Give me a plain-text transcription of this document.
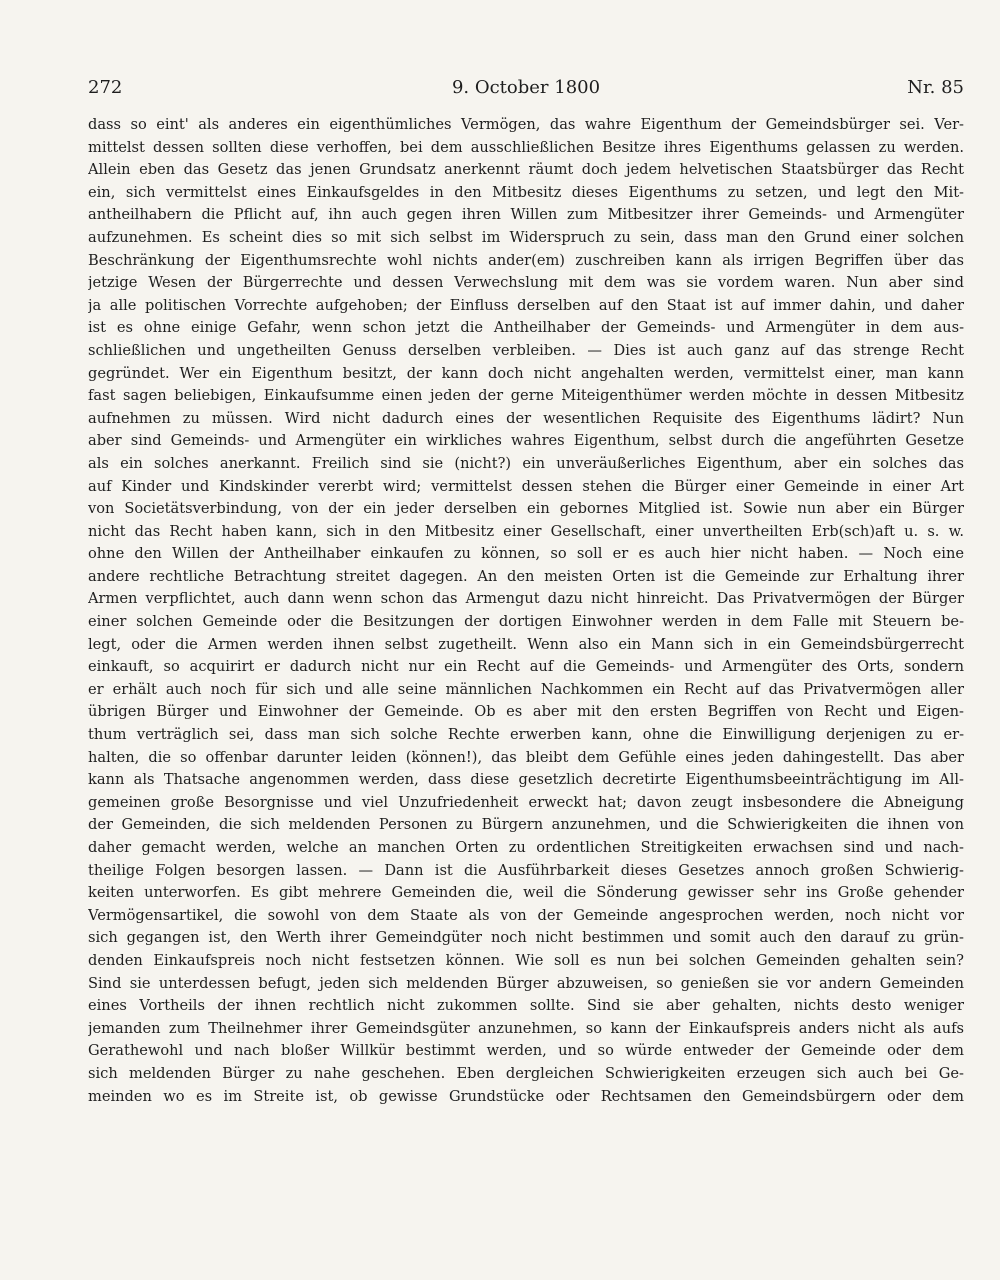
272	9. October 1800	Nr. 85
dass so eint' als anderes ein eigenthümliches Vermögen, das wahre Eigenthum der Gemeindsbürger sei. Ver-
mittelst dessen sollten diese verhoffen, bei dem ausschließlichen Besitze ihres Eigenthums gelassen zu werden.
Allein eben das Gesetz das jenen Grundsatz anerkennt räumt doch jedem helvetischen Staatsbürger das Recht
ein, sich vermittelst eines Einkaufsgeldes in den Mitbesitz dieses Eigenthums zu setzen, und legt den Mit-
antheilhabern die Pflicht auf, ihn auch gegen ihren Willen zum Mitbesitzer ihrer Gemeinds- und Armengüter
aufzunehmen. Es scheint dies so mit sich selbst im Widerspruch zu sein, dass man den Grund einer solchen
Beschränkung der Eigenthumsrechte wohl nichts ander(em) zuschreiben kann als irrigen Begriffen über das
jetzige Wesen der Bürgerrechte und dessen Verwechslung mit dem was sie vordem waren. Nun aber sind
ja alle politischen Vorrechte aufgehoben; der Einfluss derselben auf den Staat ist auf immer dahin, und daher
ist es ohne einige Gefahr, wenn schon jetzt die Antheilhaber der Gemeinds- und Armengüter in dem aus-
schließlichen und ungetheilten Genuss derselben verbleiben. — Dies ist auch ganz auf das strenge Recht
gegründet. Wer ein Eigenthum besitzt, der kann doch nicht angehalten werden, vermittelst einer, man kann
fast sagen beliebigen, Einkaufsumme einen jeden der gerne Miteigenthümer werden möchte in dessen Mitbesitz
aufnehmen zu müssen. Wird nicht dadurch eines der wesentlichen Requisite des Eigenthums lädirt? Nun
aber sind Gemeinds- und Armengüter ein wirkliches wahres Eigenthum, selbst durch die angeführten Gesetze
als ein solches anerkannt. Freilich sind sie (nicht?) ein unveräußerliches Eigenthum, aber ein solches das
auf Kinder und Kindskinder vererbt wird; vermittelst dessen stehen die Bürger einer Gemeinde in einer Art
von Societätsverbindung, von der ein jeder derselben ein gebornes Mitglied ist. Sowie nun aber ein Bürger
nicht das Recht haben kann, sich in den Mitbesitz einer Gesellschaft, einer unvertheilten Erb(sch)aft u. s. w.
ohne den Willen der Antheilhaber einkaufen zu können, so soll er es auch hier nicht haben. — Noch eine
andere rechtliche Betrachtung streitet dagegen. An den meisten Orten ist die Gemeinde zur Erhaltung ihrer
Armen verpflichtet, auch dann wenn schon das Armengut dazu nicht hinreicht. Das Privatvermögen der Bürger
einer solchen Gemeinde oder die Besitzungen der dortigen Einwohner werden in dem Falle mit Steuern be-
legt, oder die Armen werden ihnen selbst zugetheilt. Wenn also ein Mann sich in ein Gemeindsbürgerrecht
einkauft, so acquirirt er dadurch nicht nur ein Recht auf die Gemeinds- und Armengüter des Orts, sondern
er erhält auch noch für sich und alle seine männlichen Nachkommen ein Recht auf das Privatvermögen aller
übrigen Bürger und Einwohner der Gemeinde. Ob es aber mit den ersten Begriffen von Recht und Eigen-
thum verträglich sei, dass man sich solche Rechte erwerben kann, ohne die Einwilligung derjenigen zu er-
halten, die so offenbar darunter leiden (können!), das bleibt dem Gefühle eines jeden dahingestellt. Das aber
kann als Thatsache angenommen werden, dass diese gesetzlich decretirte Eigenthumsbeeinträchtigung im All-
gemeinen große Besorgnisse und viel Unzufriedenheit erweckt hat; davon zeugt insbesondere die Abneigung
der Gemeinden, die sich meldenden Personen zu Bürgern anzunehmen, und die Schwierigkeiten die ihnen von
daher gemacht werden, welche an manchen Orten zu ordentlichen Streitigkeiten erwachsen sind und nach-
theilige Folgen besorgen lassen. — Dann ist die Ausführbarkeit dieses Gesetzes annoch großen Schwierig-
keiten unterworfen. Es gibt mehrere Gemeinden die, weil die Sönderung gewisser sehr ins Große gehender
Vermögensartikel, die sowohl von dem Staate als von der Gemeinde angesprochen werden, noch nicht vor
sich gegangen ist, den Werth ihrer Gemeindgüter noch nicht bestimmen und somit auch den darauf zu grün-
denden Einkaufspreis noch nicht festsetzen können. Wie soll es nun bei solchen Gemeinden gehalten sein?
Sind sie unterdessen befugt, jeden sich meldenden Bürger abzuweisen, so genießen sie vor andern Gemeinden
eines Vortheils der ihnen rechtlich nicht zukommen sollte. Sind sie aber gehalten, nichts desto weniger
jemanden zum Theilnehmer ihrer Gemeindsgüter anzunehmen, so kann der Einkaufspreis anders nicht als aufs
Gerathewohl und nach bloßer Willkür bestimmt werden, und so würde entweder der Gemeinde oder dem
sich meldenden Bürger zu nahe geschehen. Eben dergleichen Schwierigkeiten erzeugen sich auch bei Ge-
meinden wo es im Streite ist, ob gewisse Grundstücke oder Rechtsamen den Gemeindsbürgern oder dem
